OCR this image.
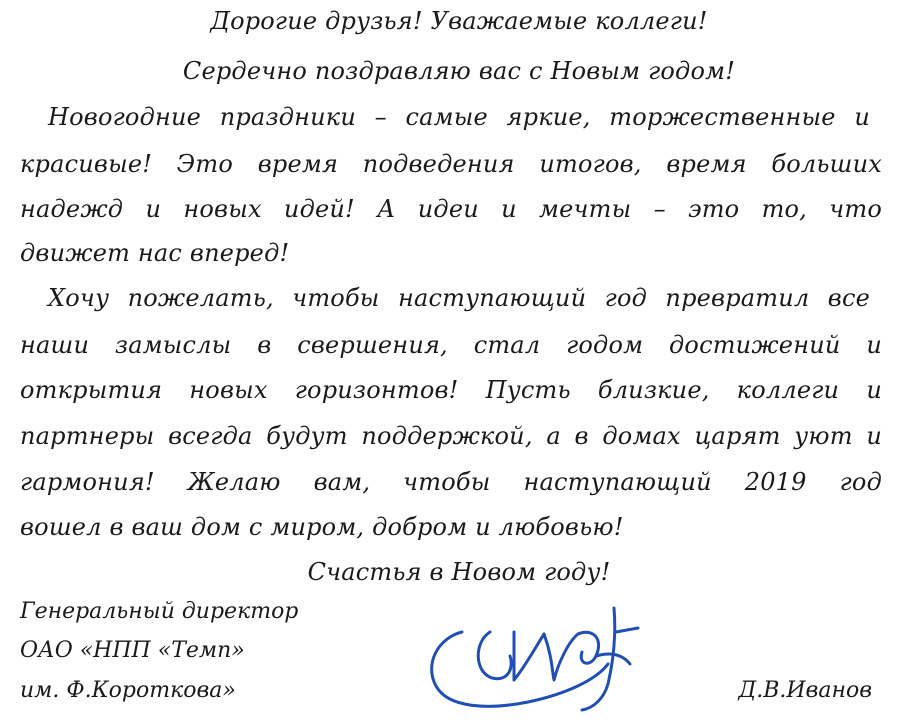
Дорогие друзья! Уважаемые коллеги!
Сердечно поздравляю вас с Новым годом!
Новогодние праздники – самые яркие, торжественные и
красивые! Это время подведения итогов, время больших
надежд и новых идей! А идеи и мечты – это то, что
движет нас вперед!
Хочу пожелать, чтобы наступающий год превратил все
наши замыслы в свершения, стал годом достижений и
открытия новых горизонтов! Пусть близкие, коллеги и
партнеры всегда будут поддержкой, а в домах царят уют и
гармония! Желаю вам, чтобы наступающий 2019 год
вошел в ваш дом с миром, добром и любовью!
Счастья в Новом году!
Генеральный директор
ОАО «НПП «Темп»
им. Ф.Короткова»	Д.В.Иванов
